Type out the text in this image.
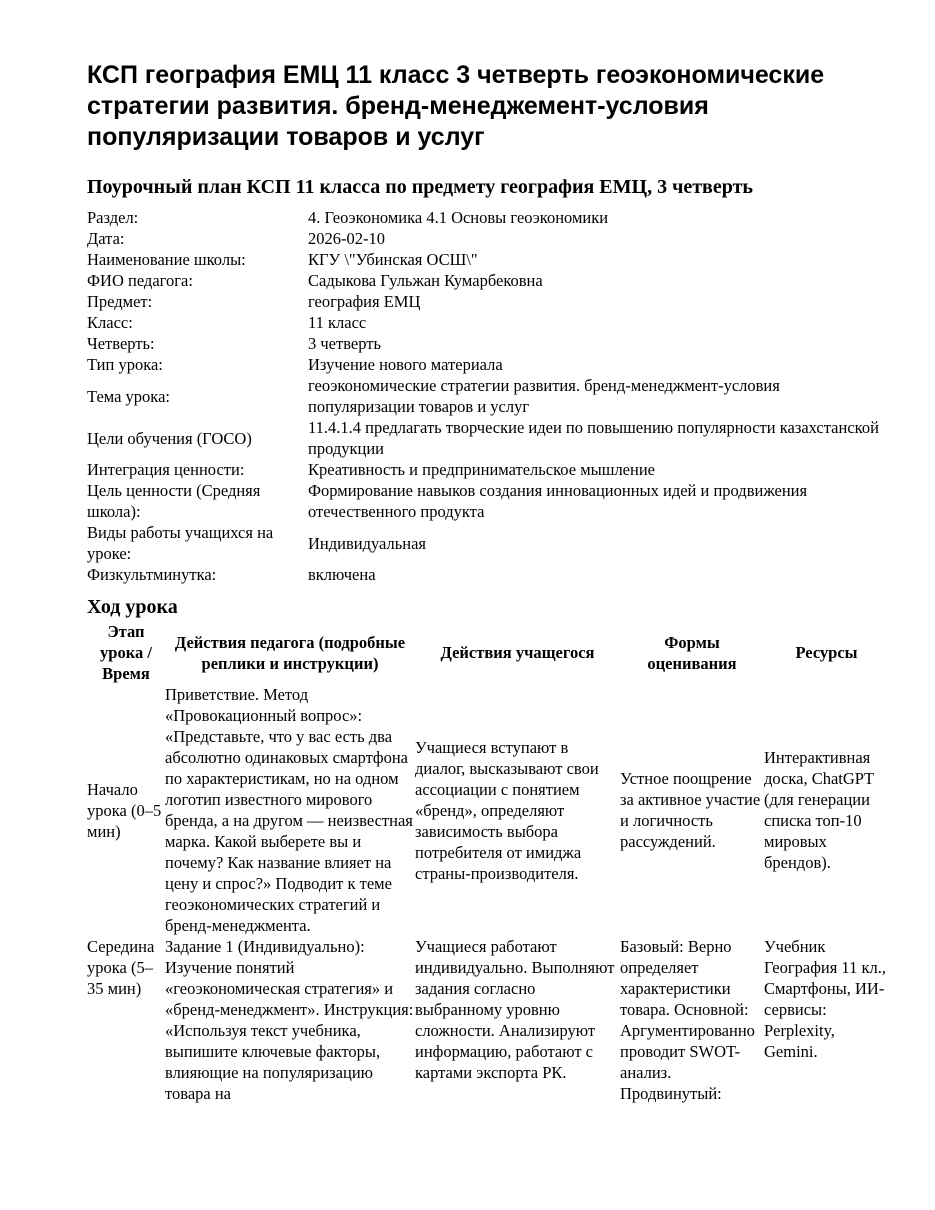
КСП география ЕМЦ 11 класс 3 четверть геоэкономические стратегии развития. бренд-менеджемент-условия популяризации товаров и услуг
Поурочный план КСП 11 класса по предмету география ЕМЦ, 3 четверть
Раздел:	4. Геоэкономика 4.1 Основы геоэкономики
Дата:	2026-02-10
Наименование школы:	КГУ \"Убинская ОСШ\"
ФИО педагога:	Садыкова Гульжан Кумарбековна
Предмет:	география ЕМЦ
Класс:	11 класс
Четверть:	3 четверть
Тип урока:	Изучение нового материала
Тема урока:	геоэкономические стратегии развития. бренд-менеджмент-условия популяризации товаров и услуг
Цели обучения (ГОСО)	11.4.1.4 предлагать творческие идеи по повышению популярности казахстанской продукции
Интеграция ценности:	Креативность и предпринимательское мышление
Цель ценности (Средняя школа):	Формирование навыков создания инновационных идей и продвижения отечественного продукта
Виды работы учащихся на уроке:	Индивидуальная
Физкультминутка:	включена
Ход урока
Этап урока / Время	Действия педагога (подробные реплики и инструкции)	Действия учащегося	Формы оценивания	Ресурсы
Начало урока (0–5 мин)	Приветствие. Метод «Провокационный вопрос»: «Представьте, что у вас есть два абсолютно одинаковых смартфона по характеристикам, но на одном логотип известного мирового бренда, а на другом — неизвестная марка. Какой выберете вы и почему? Как название влияет на цену и спрос?» Подводит к теме геоэкономических стратегий и бренд-менеджмента.	Учащиеся вступают в диалог, высказывают свои ассоциации с понятием «бренд», определяют зависимость выбора потребителя от имиджа страны-производителя.	Устное поощрение за активное участие и логичность рассуждений.	Интерактивная доска, ChatGPT (для генерации списка топ-10 мировых брендов).
Середина урока (5–35 мин)	Задание 1 (Индивидуально): Изучение понятий «геоэкономическая стратегия» и «бренд-менеджмент». Инструкция: «Используя текст учебника, выпишите ключевые факторы, влияющие на популяризацию товара на	Учащиеся работают индивидуально. Выполняют задания согласно выбранному уровню сложности. Анализируют информацию, работают с картами экспорта РК.	Базовый: Верно определяет характеристики товара. Основной: Аргументированно проводит SWOT-анализ. Продвинутый:	Учебник География 11 кл., Смартфоны, ИИ-сервисы: Perplexity, Gemini.
